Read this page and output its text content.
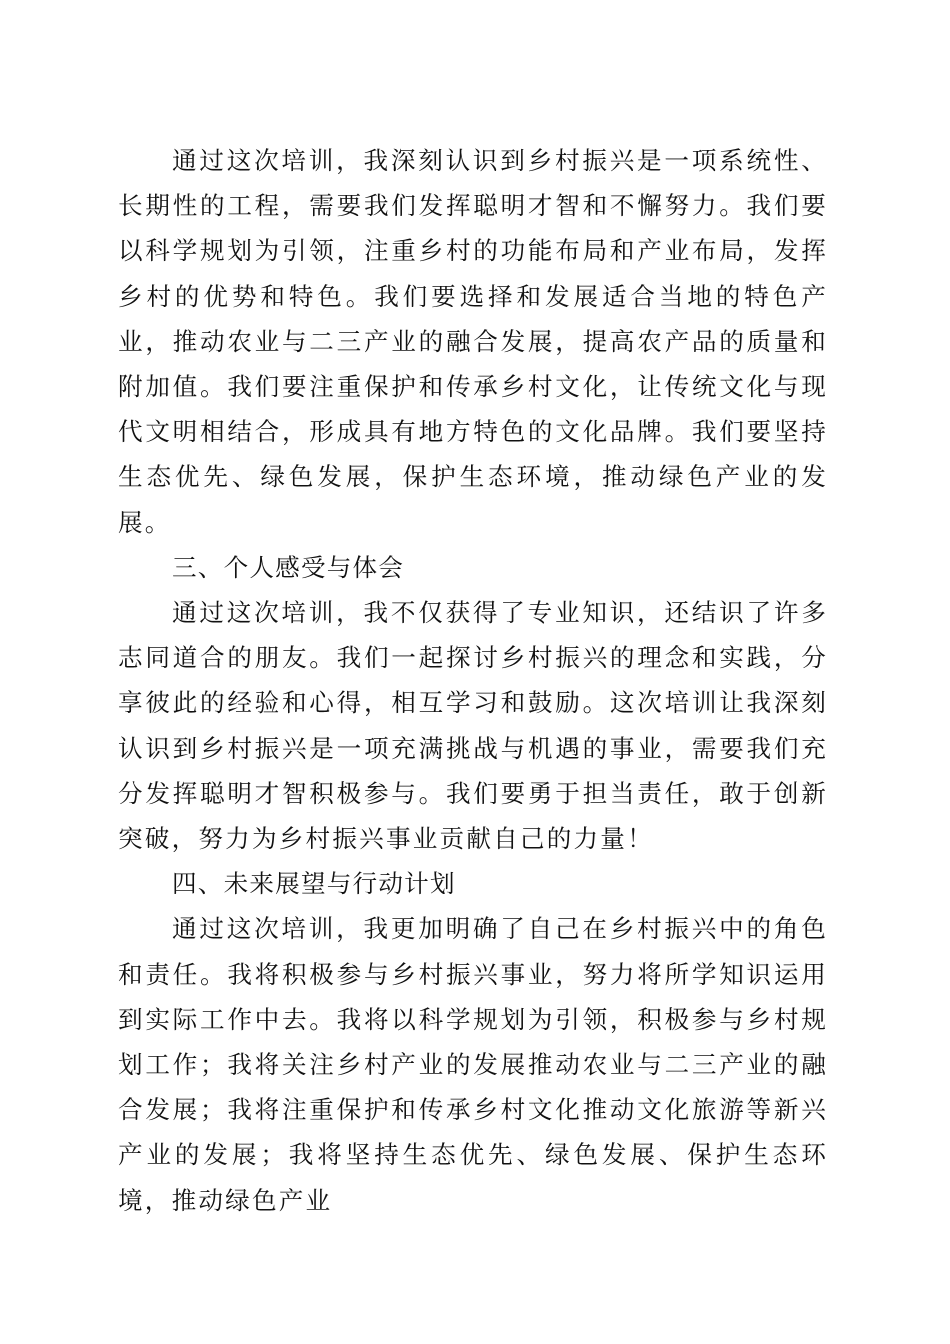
通过这次培训，我深刻认识到乡村振兴是一项系统性、长期性的工程，需要我们发挥聪明才智和不懈努力。我们要以科学规划为引领，注重乡村的功能布局和产业布局，发挥乡村的优势和特色。我们要选择和发展适合当地的特色产业，推动农业与二三产业的融合发展，提高农产品的质量和附加值。我们要注重保护和传承乡村文化，让传统文化与现代文明相结合，形成具有地方特色的文化品牌。我们要坚持生态优先、绿色发展，保护生态环境，推动绿色产业的发展。

三、个人感受与体会

通过这次培训，我不仅获得了专业知识，还结识了许多志同道合的朋友。我们一起探讨乡村振兴的理念和实践，分享彼此的经验和心得，相互学习和鼓励。这次培训让我深刻认识到乡村振兴是一项充满挑战与机遇的事业，需要我们充分发挥聪明才智积极参与。我们要勇于担当责任，敢于创新突破，努力为乡村振兴事业贡献自己的力量！

四、未来展望与行动计划

通过这次培训，我更加明确了自己在乡村振兴中的角色和责任。我将积极参与乡村振兴事业，努力将所学知识运用到实际工作中去。我将以科学规划为引领，积极参与乡村规划工作；我将关注乡村产业的发展推动农业与二三产业的融合发展；我将注重保护和传承乡村文化推动文化旅游等新兴产业的发展；我将坚持生态优先、绿色发展、保护生态环境，推动绿色产业
